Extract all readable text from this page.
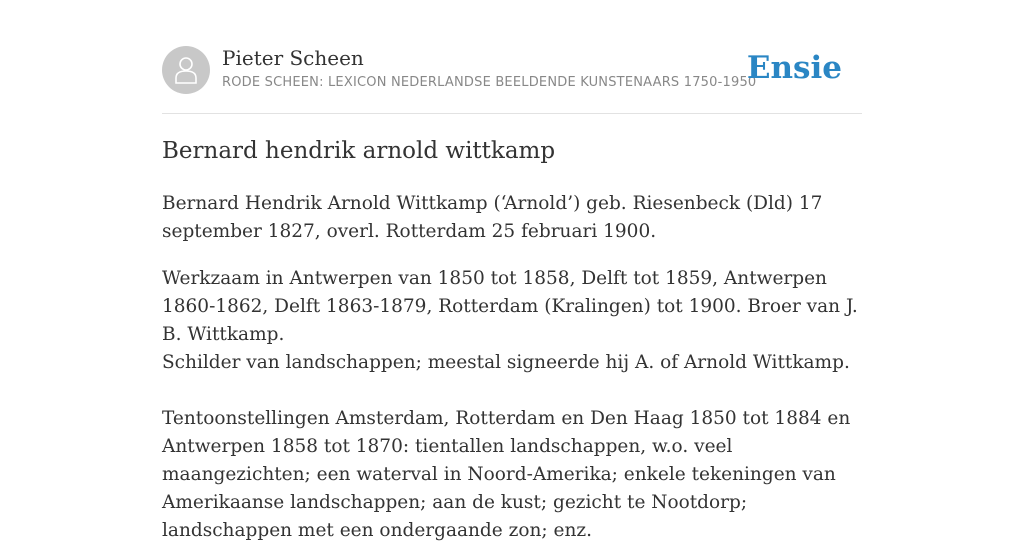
Pieter Scheen
RODE SCHEEN: LEXICON NEDERLANDSE BEELDENDE KUNSTENAARS 1750-1950
Ensie
Bernard hendrik arnold wittkamp

Bernard Hendrik Arnold Wittkamp (‘Arnold’) geb. Riesenbeck (Dld) 17 september 1827, overl. Rotterdam 25 februari 1900.

Werkzaam in Antwerpen van 1850 tot 1858, Delft tot 1859, Antwerpen 1860-1862, Delft 1863-1879, Rotterdam (Kralingen) tot 1900. Broer van J. B. Wittkamp.

Schilder van landschappen; meestal signeerde hij A. of Arnold Wittkamp.

Tentoonstellingen Amsterdam, Rotterdam en Den Haag 1850 tot 1884 en Antwerpen 1858 tot 1870: tientallen landschappen, w.o. veel maangezichten; een waterval in Noord-Amerika; enkele tekeningen van Amerikaanse landschappen; aan de kust; gezicht te Nootdorp; landschappen met een ondergaande zon; enz.
